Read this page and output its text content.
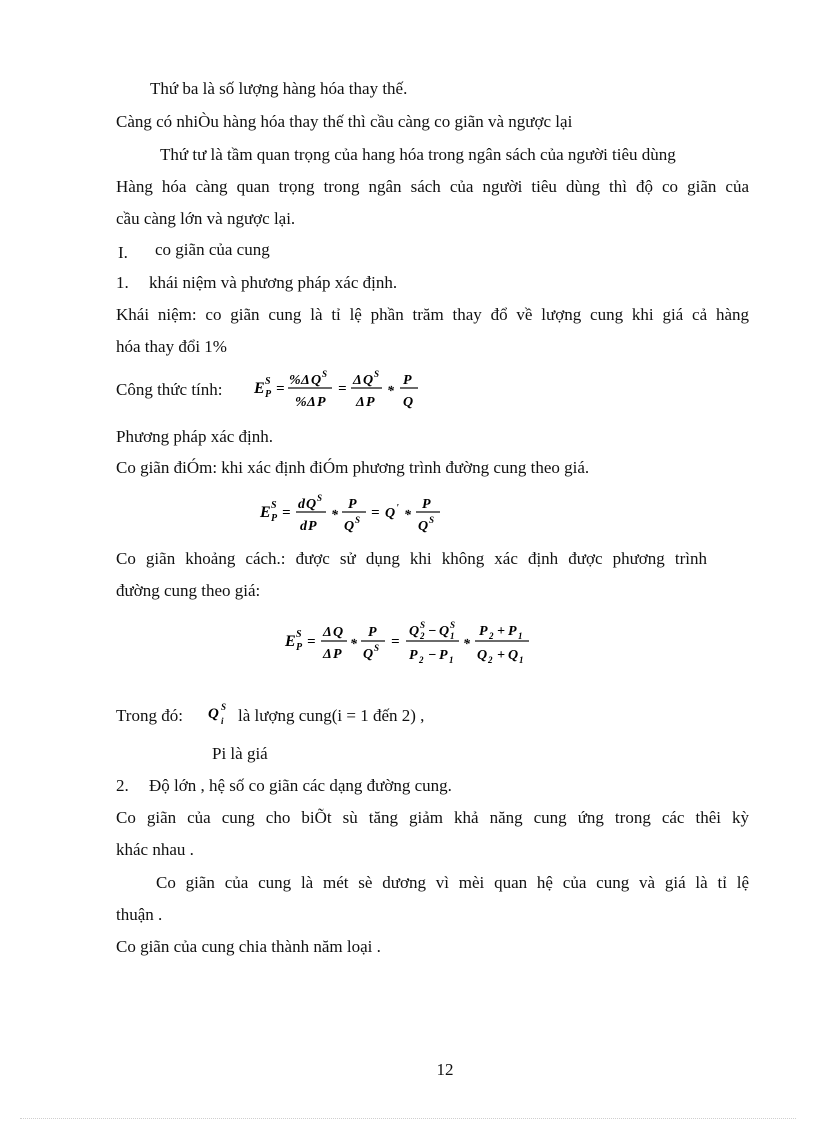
Thứ ba là số lượng hàng hóa thay thế.
Càng có nhiÒu hàng hóa thay thế thì cầu càng co giãn và ngược lại
Thứ tư là tầm quan trọng của hang hóa trong ngân sách của người tiêu dùng
Hàng hóa càng quan trọng trong ngân sách của người tiêu dùng thì độ co giãn của
cầu càng lớn và ngược lại.
I. co giãn của cung
1. khái niệm và phương pháp xác định.
Khái niệm: co giãn cung là tỉ lệ phần trăm thay đổ về lượng cung khi giá cả hàng
hóa thay đổi 1%
Công thức tính: E S
P =
% Δ Q S
% Δ P
=
Δ Q S
Δ P
*
P
Q
Phương pháp xác định.
Co giãn điÓm: khi xác định điÓm phương trình đường cung theo giá.
E S
P =
d Q S
d P
*
P
Q S = Q ' *
P
Q S
Co giãn khoảng cách.: được sử dụng khi không xác định được phương trình
đường cung theo giá:
E S
P =
Δ Q
Δ P
*
P
Q S =
Q S
2 − Q S
1
P 2 − P 1
*
P 2 + P 1
Q 2 + Q 1
Trong đó: Q S
i là lượng cung(i = 1 đến 2) ,
Pi là giá
2. Độ lớn , hệ số co giãn các dạng đường cung.
Co giãn của cung cho biÕt sù tăng giảm khả năng cung ứng trong các thêi kỳ
khác nhau .
Co giãn của cung là mét sè dương vì mèi quan hệ của cung và giá là tỉ lệ
thuận .
Co giãn của cung chia thành năm loại .
12
